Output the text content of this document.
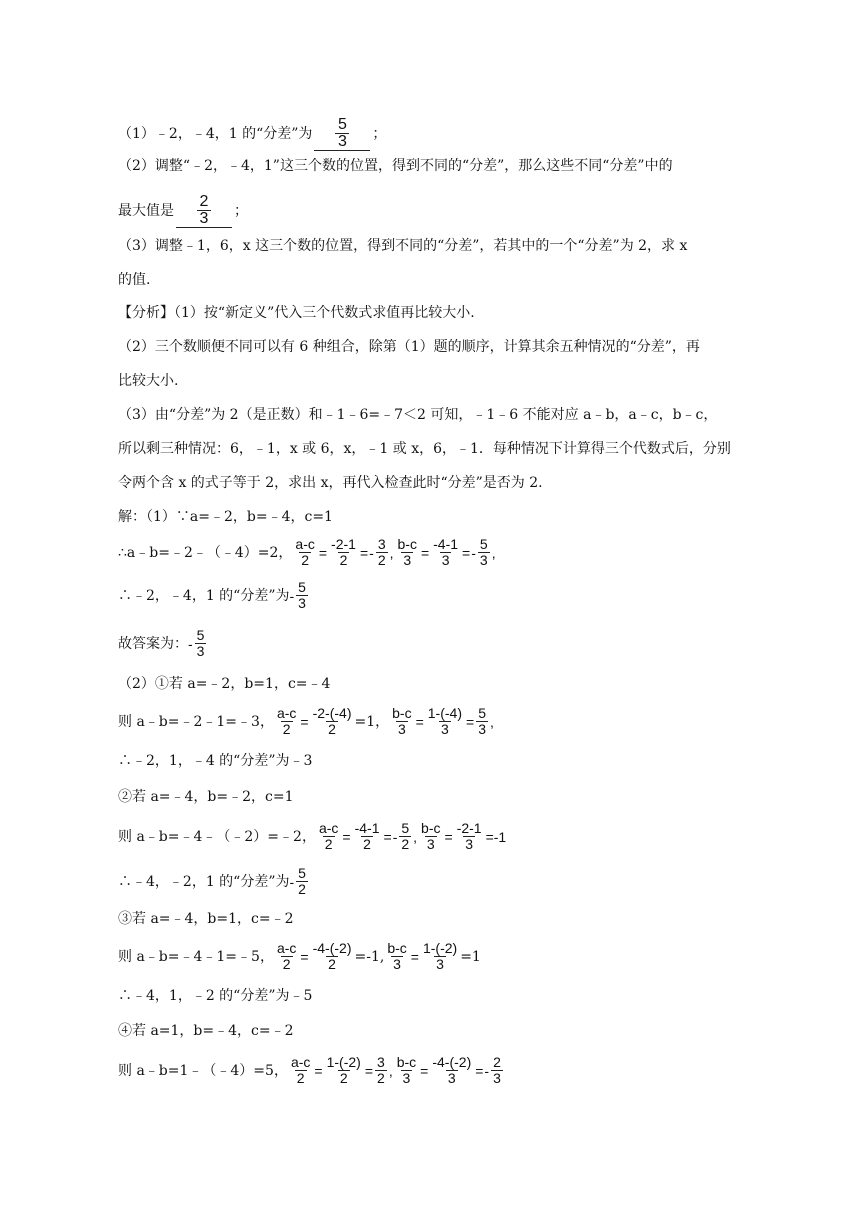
（1）﹣2，﹣4，1 的“分差”为
5
3 ；
（2）调整“﹣2，﹣4，1”这三个数的位置，得到不同的“分差”，那么这些不同“分差”中的
最大值是
2
3 ；
（3）调整﹣1，6，x 这三个数的位置，得到不同的“分差”，若其中的一个“分差”为 2，求 x
的值.
【分析】（1）按“新定义”代入三个代数式求值再比较大小.
（2）三个数顺便不同可以有 6 种组合，除第（1）题的顺序，计算其余五种情况的“分差”，再
比较大小.
（3）由“分差”为 2（是正数）和﹣1﹣6=﹣7＜2 可知，﹣1﹣6 不能对应 a﹣b，a﹣c，b﹣c，
所以剩三种情况：6，﹣1，x 或 6，x，﹣1 或 x，6，﹣1．每种情况下计算得三个代数式后，分别
令两个含 x 的式子等于 2，求出 x，再代入检查此时“分差”是否为 2.
解：（1）∵a=﹣2，b=﹣4，c=1
∴a﹣b=﹣2﹣（﹣4）=2， $\frac{a-c}{2} = \frac{-2-1}{2}$ = -
3
2 , $\frac{b-c}{3} = \frac{-4-1}{3}$ = -
5
3 ,
∴﹣2，﹣4，1 的“分差”为 -
5
3
故答案为： -
5
3
（2）①若 a=﹣2，b=1，c=﹣4
则 a﹣b=﹣2﹣1=﹣3， $\frac{a-c}{2} = \frac{-2-(-4)}{2} =1$， $\frac{b-c}{3} = \frac{1-(-4)}{3} = \frac{5}{3}$ ,
∴﹣2，1，﹣4 的“分差”为﹣3
②若 a=﹣4，b=﹣2，c=1
则 a﹣b=﹣4﹣（﹣2）=﹣2， $\frac{a-c}{2} = \frac{-4-1}{2}$ = -
5
2 , $\frac{b-c}{3} = \frac{-2-1}{3} =-1$
∴﹣4，﹣2，1 的“分差”为 -
5
2
③若 a=﹣4，b=1，c=﹣2
则 a﹣b=﹣4﹣1=﹣5， $\frac{a-c}{2} = \frac{-4-(-2)}{2} =-1$, $\frac{b-c}{3} = \frac{1-(-2)}{3} =1$
∴﹣4，1，﹣2 的“分差”为﹣5
④若 a=1，b=﹣4，c=﹣2
则 a﹣b=1﹣（﹣4）=5， $\frac{a-c}{2} = \frac{1-(-2)}{2} = \frac{3}{2}$ , $\frac{b-c}{3} = \frac{-4-(-2)}{3}$ = -
2
3
